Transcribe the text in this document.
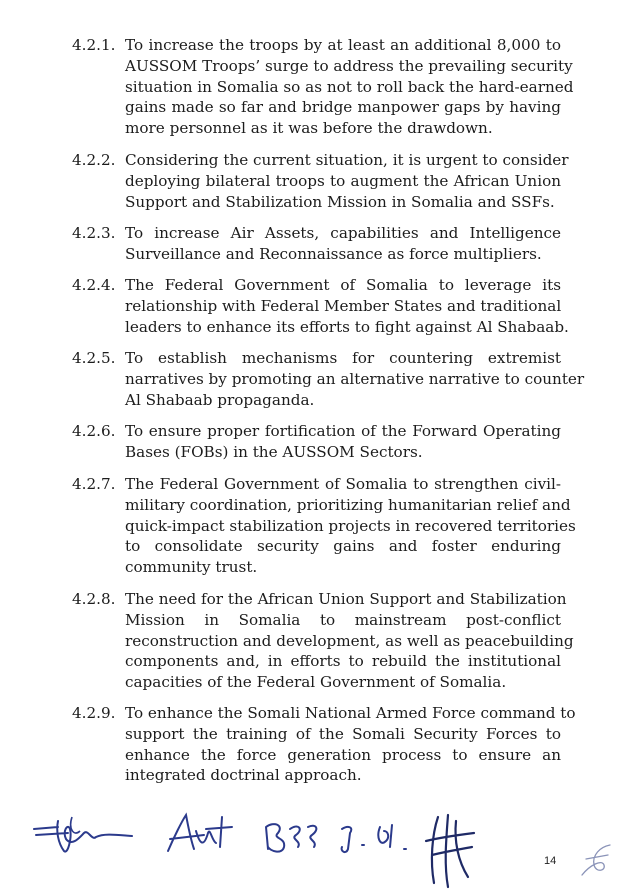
4.2.1. To increase the troops by at least an additional 8,000 to
AUSSOM Troops’ surge to address the prevailing security
situation in Somalia so as not to roll back the hard-earned
gains made so far and bridge manpower gaps by having
more personnel as it was before the drawdown.
4.2.2. Considering the current situation, it is urgent to consider
deploying bilateral troops to augment the African Union
Support and Stabilization Mission in Somalia and SSFs.
4.2.3. To increase Air Assets, capabilities and Intelligence
Surveillance and Reconnaissance as force multipliers.
4.2.4. The Federal Government of Somalia to leverage its
relationship with Federal Member States and traditional
leaders to enhance its efforts to fight against Al Shabaab.
4.2.5. To establish mechanisms for countering extremist
narratives by promoting an alternative narrative to counter
Al Shabaab propaganda.
4.2.6. To ensure proper fortification of the Forward Operating
Bases (FOBs) in the AUSSOM Sectors.
4.2.7. The Federal Government of Somalia to strengthen civil-
military coordination, prioritizing humanitarian relief and
quick-impact stabilization projects in recovered territories
to consolidate security gains and foster enduring
community trust.
4.2.8. The need for the African Union Support and Stabilization
Mission in Somalia to mainstream post-conflict
reconstruction and development, as well as peacebuilding
components and, in efforts to rebuild the institutional
capacities of the Federal Government of Somalia.
4.2.9. To enhance the Somali National Armed Force command to
support the training of the Somali Security Forces to
enhance the force generation process to ensure an
integrated doctrinal approach.
14
